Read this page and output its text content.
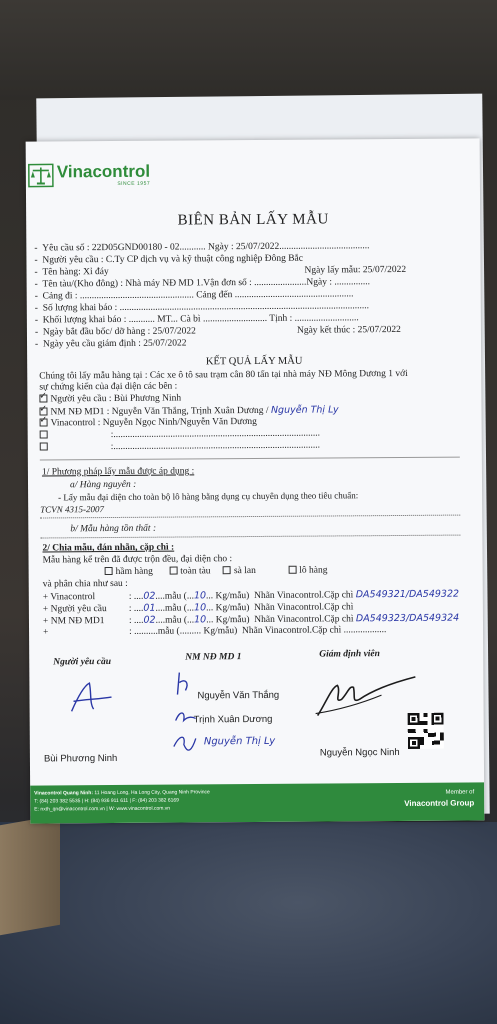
Vinacontrol
SINCE 1957
BIÊN BẢN LẤY MẪU
-  Yêu cầu số : 22D05GND00180 - 02........... Ngày : 25/07/2022......................................
-  Người yêu cầu : C.Ty CP dịch vụ và kỹ thuật công nghiệp Đông Bắc
-  Tên hàng: Xỉ đáy	Ngày lấy mẫu: 25/07/2022
-  Tên tàu/(Kho đông) : Nhà máy NĐ MD 1.Vận đơn số : ......................Ngày : ...............
-  Cảng đi : ................................................ Cảng đến ..................................................
-  Số lượng khai báo : .........................................................................................................
-  Khối lượng khai báo : ........... MT... Cà bì ........................... Tịnh : ...........................
-  Ngày bắt đầu bốc/ dỡ hàng : 25/07/2022	Ngày kết thúc : 25/07/2022
-  Ngày yêu cầu giám định : 25/07/2022
KẾT QUẢ LẤY MẪU
Chúng tôi lấy mẫu hàng tại : Các xe ô tô sau trạm cân 80 tấn tại nhà máy NĐ Mông Dương 1 với
sự chứng kiến của đại diện các bên :
✓Người yêu cầu : Bùi Phương Ninh
✓NM NĐ MD1 : Nguyễn Văn Thắng, Trịnh Xuân Dương / Nguyễn Thị Ly
✓Vinacontrol : Nguyễn Ngọc Ninh/Nguyễn Văn Dương
:.......................................................................................
:.......................................................................................
1/ Phương pháp lấy mẫu được áp dụng :
a/ Hàng nguyên :
- Lấy mẫu đại diện cho toàn bộ lô hàng bằng dụng cụ chuyên dụng theo tiêu chuẩn:
TCVN 4315-2007
b/ Mẫu hàng tồn thất :
2/ Chia mẫu, đán nhãn, cặp chì :
Mẫu hàng kể trên đã được trộn đều, đại diện cho :
hầm hàng	toàn tàu sà lan	lô hàng
và phân chia như sau :
+ Vinacontrol	: ....02....mẫu (...10... Kg/mẫu) Nhãn Vinacontrol.Cặp chì DA549321/DA549322
+ Người yêu cầu : ....01....mẫu (...10... Kg/mẫu) Nhãn Vinacontrol.Cặp chì
+ NM NĐ MD1	: ....02....mẫu (...10... Kg/mẫu) Nhãn Vinacontrol.Cặp chì DA549323/DA549324
+	: ..........mẫu (......... Kg/mẫu) Nhãn Vinacontrol.Cặp chì ..................
Người yêu cầu	NM NĐ MD 1	Giám định viên
Nguyễn Văn Thắng
Trịnh Xuân Dương
Nguyễn Thị Ly
Bùi Phương Ninh
Nguyễn Ngọc Ninh
Vinacontrol Quang Ninh: 11 Hoang Long, Ha Long City, Quang Ninh Province
T: (84) 203 382 5535 | H: (84) 936 911 611 | F: (84) 203 382 6169
E: nxth_qn@vinacontrol.com.vn | W: www.vinacontrol.com.vn
Member of
Vinacontrol Group
